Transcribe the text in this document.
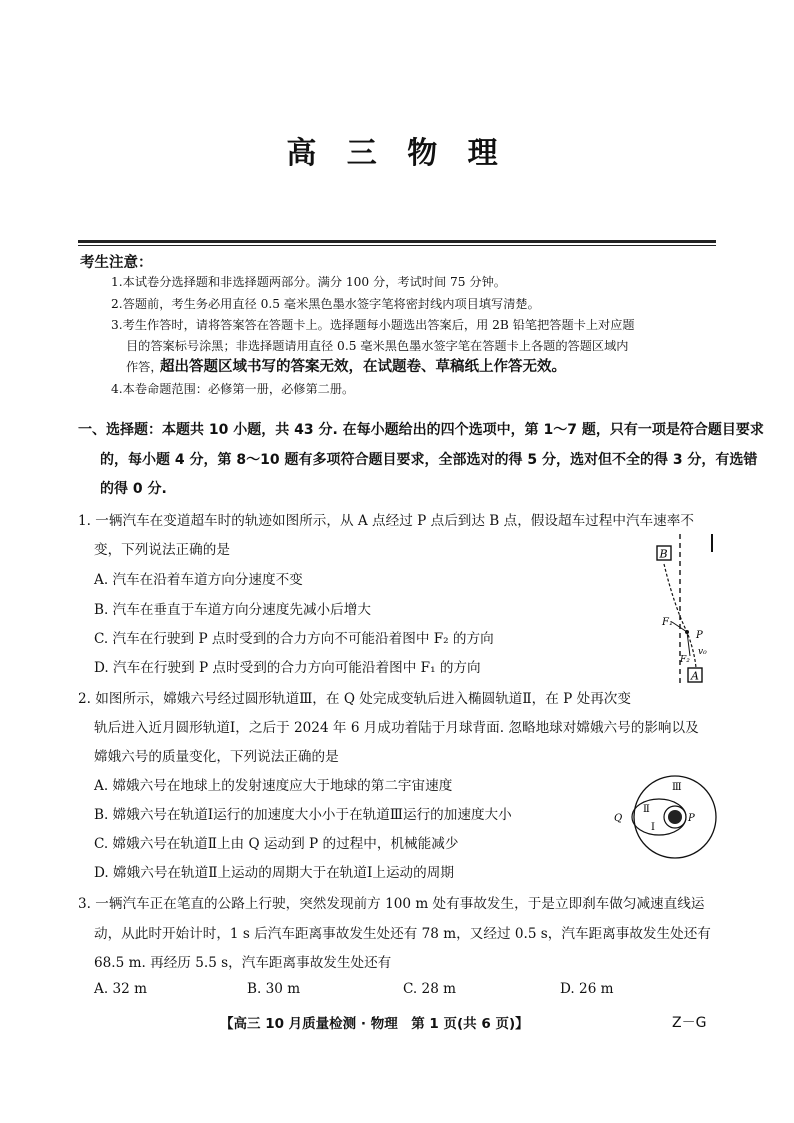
高 三 物 理
考生注意：
1.本试卷分选择题和非选择题两部分。满分 100 分，考试时间 75 分钟。
2.答题前，考生务必用直径 0.5 毫米黑色墨水签字笔将密封线内项目填写清楚。
3.考生作答时，请将答案答在答题卡上。选择题每小题选出答案后，用 2B 铅笔把答题卡上对应题
目的答案标号涂黑；非选择题请用直径 0.5 毫米黑色墨水签字笔在答题卡上各题的答题区域内
作答，
超出答题区域书写的答案无效，在试题卷、草稿纸上作答无效。
4.本卷命题范围：必修第一册，必修第二册。
一、选择题：本题共 10 小题，共 43 分. 在每小题给出的四个选项中，第 1～7 题，只有一项是符合题目要求
的，每小题 4 分，第 8～10 题有多项符合题目要求，全部选对的得 5 分，选对但不全的得 3 分，有选错
的得 0 分.
1. 一辆汽车在变道超车时的轨迹如图所示，从 A 点经过 P 点后到达 B 点，假设超车过程中汽车速率不
变，下列说法正确的是
A. 汽车在沿着车道方向分速度不变
B. 汽车在垂直于车道方向分速度先减小后增大
C. 汽车在行驶到 P 点时受到的合力方向不可能沿着图中 F₂ 的方向
D. 汽车在行驶到 P 点时受到的合力方向可能沿着图中 F₁ 的方向
B
F₁
P
F₂
v₀
A
2. 如图所示，嫦娥六号经过圆形轨道Ⅲ，在 Q 处完成变轨后进入椭圆轨道Ⅱ，在 P 处再次变
轨后进入近月圆形轨道Ⅰ，之后于 2024 年 6 月成功着陆于月球背面. 忽略地球对嫦娥六号的影响以及
嫦娥六号的质量变化，下列说法正确的是
A. 嫦娥六号在地球上的发射速度应大于地球的第二宇宙速度
B. 嫦娥六号在轨道Ⅰ运行的加速度大小小于在轨道Ⅲ运行的加速度大小
C. 嫦娥六号在轨道Ⅱ上由 Q 运动到 P 的过程中，机械能减少
D. 嫦娥六号在轨道Ⅱ上运动的周期大于在轨道Ⅰ上运动的周期
Ⅲ
Ⅱ
Ⅰ
Q	P
3. 一辆汽车正在笔直的公路上行驶，突然发现前方 100 m 处有事故发生，于是立即刹车做匀减速直线运
动，从此时开始计时，1 s 后汽车距离事故发生处还有 78 m，又经过 0.5 s，汽车距离事故发生处还有
68.5 m. 再经历 5.5 s，汽车距离事故发生处还有
A. 32 m	B. 30 m	C. 28 m	D. 26 m
【高三 10 月质量检测 · 物理　第 1 页(共 6 页)】	Z－G
